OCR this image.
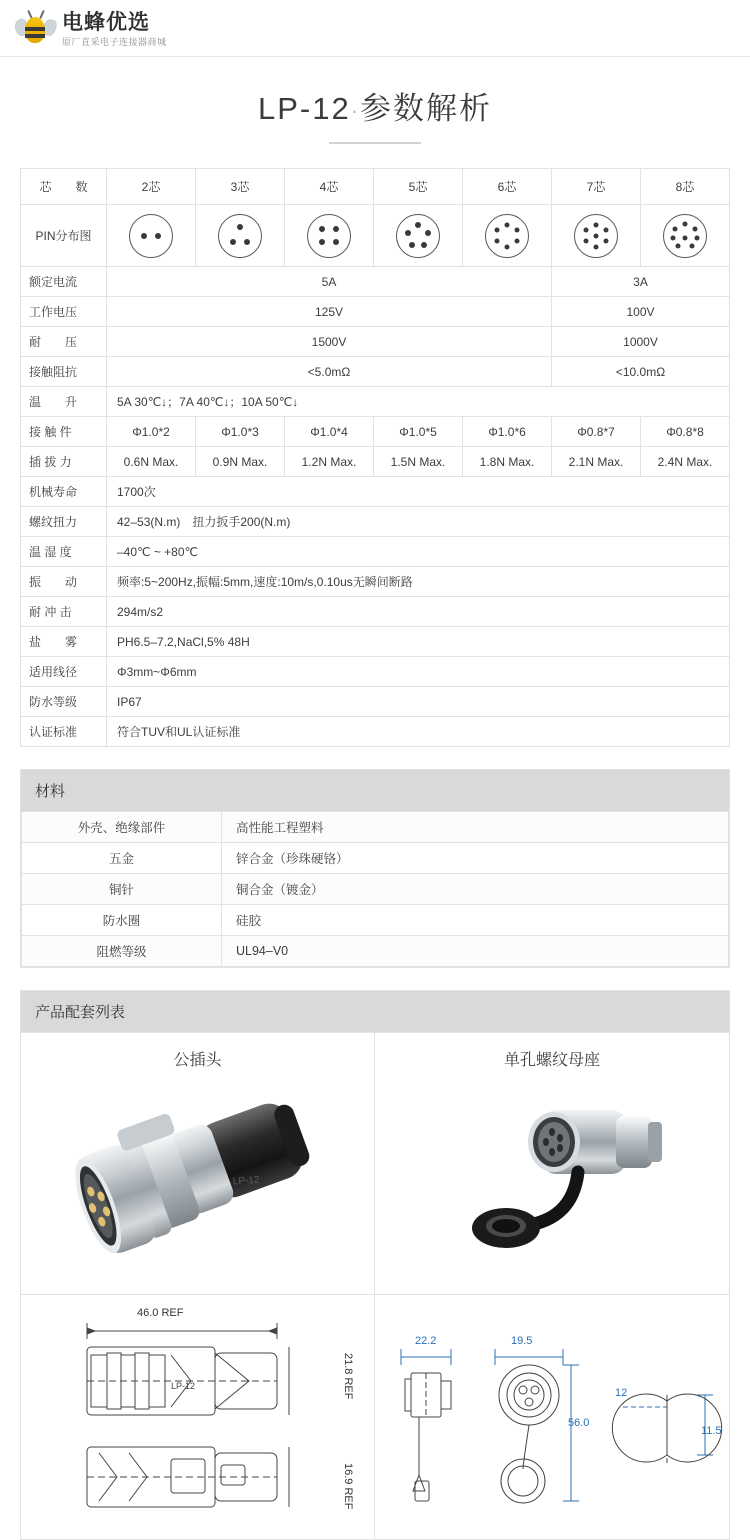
电蜂优选
原厂直采电子连接器商城
LP-12·参数解析
芯　　数	2芯	3芯	4芯	5芯	6芯	7芯	8芯
PIN分布图	

额定电流	5A					3A	
工作电压	125V					100V	
耐　　压	1500V					1000V	
接触阻抗	<5.0mΩ					<10.0mΩ	
温　　升	5A 30℃↓；7A 40℃↓；10A 50℃↓						
接 触 件	Φ1.0*2	Φ1.0*3	Φ1.0*4	Φ1.0*5	Φ1.0*6	Φ0.8*7	Φ0.8*8
插 拔 力	0.6N Max.	0.9N Max.	1.2N Max.	1.5N Max.	1.8N Max.	2.1N Max.	2.4N Max.
机械寿命	1700次						
螺纹扭力	42–53(N.m)　扭力扳手200(N.m)						
温 湿 度	–40℃ ~ +80℃						
振　　动	频率:5~200Hz,振幅:5mm,速度:10m/s,0.10us无瞬间断路						
耐 冲 击	294m/s2						
盐　　雾	PH6.5–7.2,NaCl,5% 48H						
适用线径	Φ3mm~Φ6mm						
防水等级	IP67						
认证标准	符合TUV和UL认证标准						
材料
外壳、绝缘部件	高性能工程塑料
五金	锌合金（珍珠硬铬）
铜针	铜合金（镀金）
防水圈	硅胶
阻燃等级	UL94–V0
产品配套列表
公插头
LP-12
单孔螺纹母座
46.0 REF
21.8 REF
16.9 REF
LP-12
22.2	19.5
56.0
12
11.5
